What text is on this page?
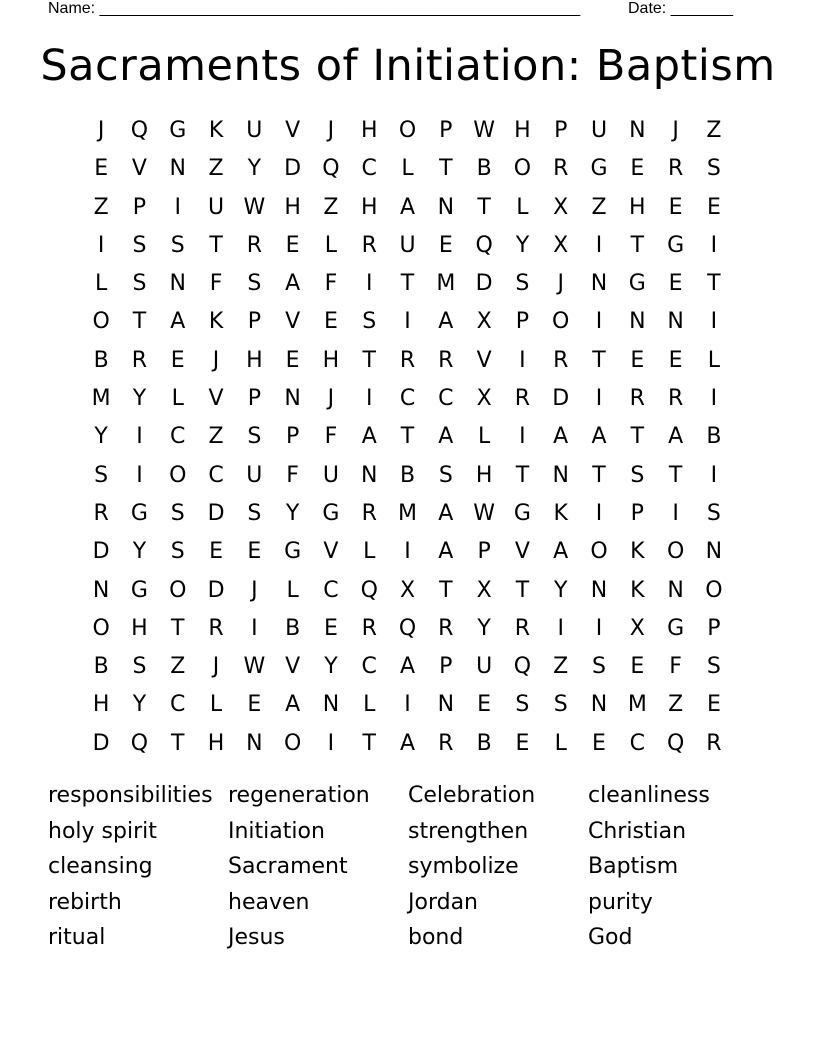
Name: ______________________________________________________	Date: _______
Sacraments of Initiation: Baptism
J	Q G	K	U	V	J	H O	P W H	P	U	N	J	Z
E	V	N	Z	Y	D Q C	L	T	B	O R	G	E	R	S
Z	P	I	U W H	Z	H	A	N	T	L	X	Z	H	E	E
I	S	S	T	R	E	L	R	U	E	Q	Y	X	I	T	G	I
L	S	N	F	S	A	F	I	T	M D	S	J	N G	E	T
O	T	A	K	P	V	E	S	I	A	X	P	O	I	N N	I
B	R	E	J	H	E	H	T	R	R	V	I	R	T	E	E	L
M	Y	L	V	P	N	J	I	C	C	X	R	D	I	R	R	I
Y	I	C	Z	S	P	F	A	T	A	L	I	A	A	T	A	B
S	I	O C	U	F	U	N	B	S	H	T	N	T	S	T	I
R	G	S	D	S	Y	G	R M A W G	K	I	P	I	S
D	Y	S	E	E	G	V	L	I	A	P	V	A	O	K	O N
N G O D	J	L	C Q	X	T	X	T	Y	N	K	N O
O H	T	R	I	B	E	R Q R	Y	R	I	I	X	G	P
B	S	Z	J	W V	Y	C	A	P	U Q	Z	S	E	F	S
H	Y	C	L	E	A	N	L	I	N	E	S	S	N M Z	E
D Q	T	H N O	I	T	A	R	B	E	L	E	C Q R
responsibilities regeneration	Celebration	cleanliness
holy spirit	Initiation	strengthen	Christian
cleansing	Sacrament	symbolize	Baptism
rebirth	heaven	Jordan	purity
ritual	Jesus	bond	God
